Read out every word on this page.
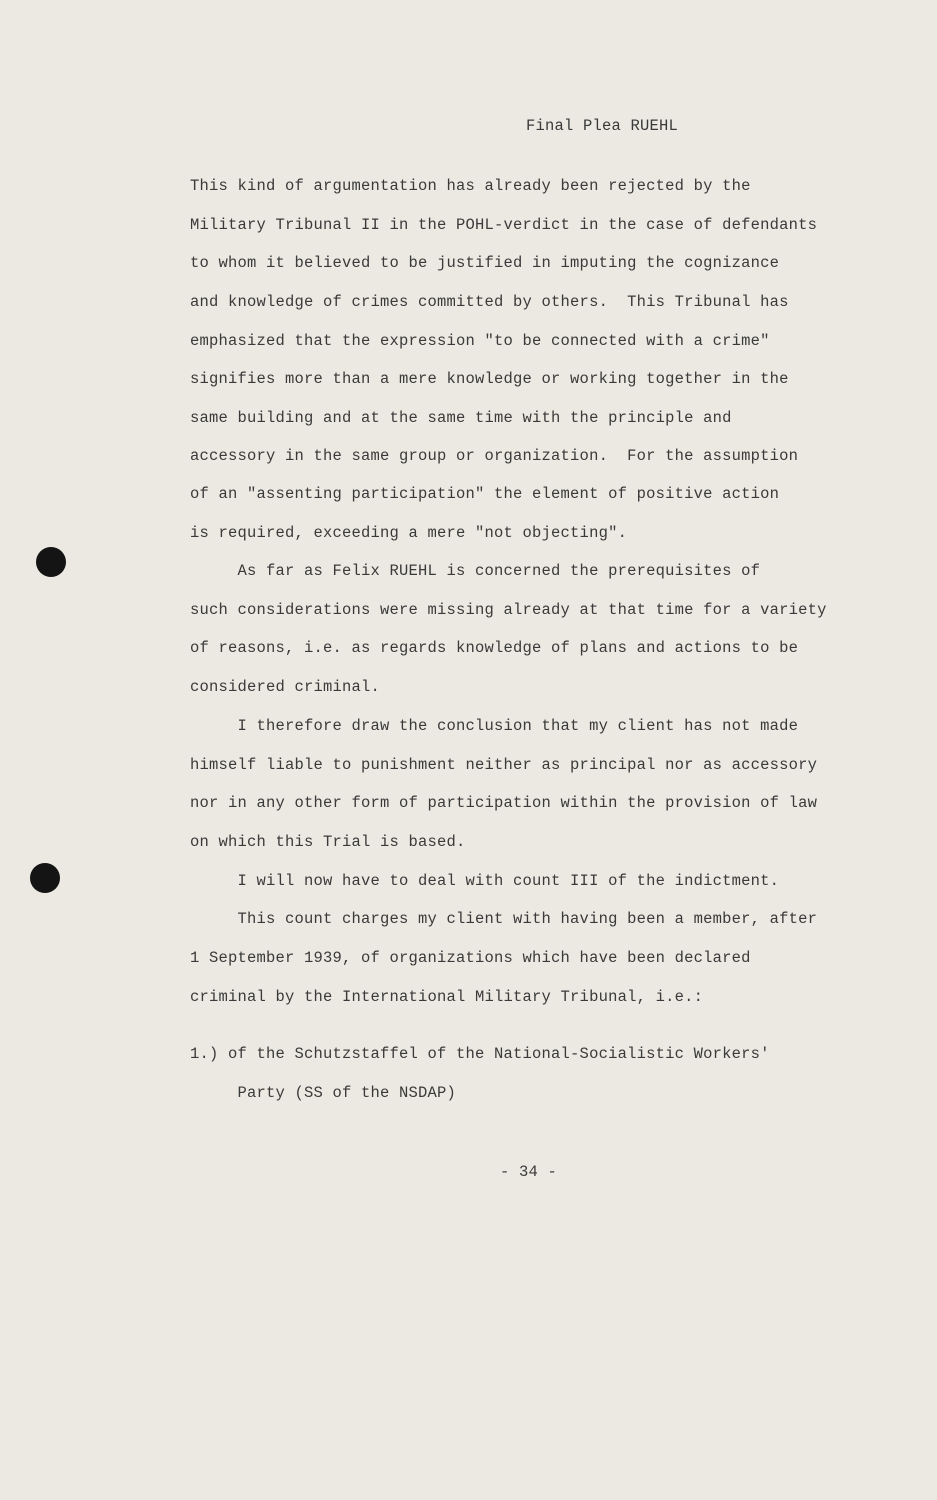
Final Plea RUEHL
This kind of argumentation has already been rejected by the
Military Tribunal II in the POHL-verdict in the case of defendants
to whom it believed to be justified in imputing the cognizance
and knowledge of crimes committed by others.  This Tribunal has
emphasized that the expression "to be connected with a crime"
signifies more than a mere knowledge or working together in the
same building and at the same time with the principle and
accessory in the same group or organization.  For the assumption
of an "assenting participation" the element of positive action
is required, exceeding a mere "not objecting".
As far as Felix RUEHL is concerned the prerequisites of
such considerations were missing already at that time for a variety
of reasons, i.e. as regards knowledge of plans and actions to be
considered criminal.
I therefore draw the conclusion that my client has not made
himself liable to punishment neither as principal nor as accessory
nor in any other form of participation within the provision of law
on which this Trial is based.
I will now have to deal with count III of the indictment.
This count charges my client with having been a member, after
1 September 1939, of organizations which have been declared
criminal by the International Military Tribunal, i.e.:
1.) of the Schutzstaffel of the National-Socialistic Workers'
Party (SS of the NSDAP)
- 34 -
